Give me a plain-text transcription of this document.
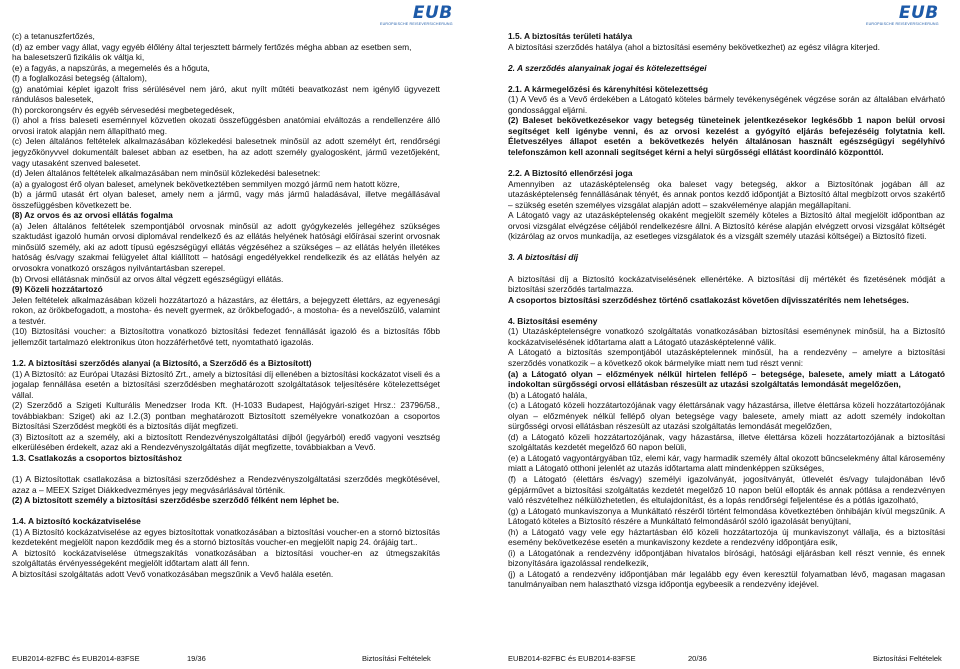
EUB
EUROPÄISCHE REISEVERSICHERUNG
EUB
EUROPÄISCHE REISEVERSICHERUNG

(c) a tetanuszfertőzés,

(d) az ember vagy állat, vagy egyéb élőlény által terjesztett bármely fertőzés mégha abban az esetben sem,

ha balesetszerű fizikális ok váltja ki,

(e) a fagyás, a napszúrás, a megemelés és a hőguta,

(f) a foglalkozási betegség (általom),

(g) anatómiai képlet igazolt friss sérülésével nem járó, akut nyílt műtéti beavatkozást nem igénylő ügyvezett rándulásos balesetek,

(h) porckorongsérv és egyéb sérvesedési megbetegedések,

(i) ahol a friss baleseti eseménnyel közvetlen okozati összefüggésben anatómiai elváltozás a rendellenzére álló orvosi iratok alapján nem állapítható meg.

(c) Jelen általános feltételek alkalmazásában közlekedési balesetnek minősül az adott személyt ért, rendőrségi jegyzőkönyvvel dokumentált baleset abban az esetben, ha az adott személy gyalogosként, jármű vezetőjeként, vagy utasaként szenved balesetet.

(d) Jelen általános feltételek alkalmazásában nem minősül közlekedési balesetnek:

(a) a gyalogost érő olyan baleset, amelynek bekövetkeztében semmilyen mozgó jármű nem hatott közre,

(b) a jármű utasát ért olyan baleset, amely nem a jármű, vagy más jármű haladásával, illetve megállásával összefüggésben következett be.

(8) Az orvos és az orvosi ellátás fogalma

(a) Jelen általános feltételek szempontjából orvosnak minősül az adott gyógykezelés jellegéhez szükséges szaktudást igazoló humán orvosi diplomával rendelkező és az ellátás helyének hatósági előírásai szerint orvosnak minősülő személy, aki az adott típusú egészségügyi ellátás végzéséhez a szükséges – az ellátás helyén illetékes hatóság és/vagy szakmai felügyelet által kiállított – hatósági engedélyekkel rendelkezik és az ellátás helyén az orvosokra vonatkozó országos nyilvántartásban szerepel.

(b) Orvosi ellátásnak minősül az orvos által végzett egészségügyi ellátás.

(9) Közeli hozzátartozó

Jelen feltételek alkalmazásában közeli hozzátartozó a házastárs, az élettárs, a bejegyzett élettárs, az egyenesági rokon, az örökbefogadott, a mostoha- és nevelt gyermek, az örökbefogadó-, a mostoha- és a nevelőszülő, valamint a testvér.

(10) Biztosítási voucher: a Biztosítottra vonatkozó biztosítási fedezet fennállását igazoló és a biztosítás főbb jellemzőit tartalmazó elektronikus úton hozzáférhetővé tett, nyomtatható igazolás.

1.2. A biztosítási szerződés alanyai (a Biztosító, a Szerződő és a Biztosított)

(1) A Biztosító: az Európai Utazási Biztosító Zrt., amely a biztosítási díj ellenében a biztosítási kockázatot viseli és a jogalap fennállása esetén a biztosítási szerződésben meghatározott szolgáltatások teljesítésére kötelezettséget vállal.

(2) Szerződő a Szigeti Kulturális Menedzser Iroda Kft. (H-1033 Budapest, Hajógyári-sziget Hrsz.: 23796/58., továbbiakban: Sziget) aki az I.2.(3) pontban meghatározott Biztosított személyekre vonatkozóan a csoportos Biztosítási Szerződést megköti és a biztosítás díját megfizeti.

(3) Biztosított az a személy, aki a biztosított Rendezvényszolgáltatási díjból (jegyárból) eredő vagyoni vesztség elkerülésében érdekelt, azaz aki a Rendezvényszolgáltatás díját megfizette, továbbiakban a Vevő.

1.3. Csatlakozás a csoportos biztosításhoz

(1) A Biztosítottak csatlakozása a biztosítási szerződéshez a Rendezvényszolgáltatási szerződés megkötésével, azaz a – MEEX Sziget Diákkedvezményes jegy megvásárlásával történik.

(2) A biztosított személy a biztosítási szerződésbe szerződő félként nem léphet be.

1.4. A biztosító kockázatviselése

(1) A Biztosító kockázatviselése az egyes biztosítottak vonatkozásában a biztosítási voucher-en a stornó biztosítás kezdeteként megjelölt napon kezdődik meg és a stornó biztosítás voucher-en megjelölt napig 24. órájáig tart..

A biztosító kockázatviselése útmegszakítás vonatkozásában a biztosítási voucher-en az útmegszakítás szolgáltatás érvényességeként megjelölt időtartam alatt áll fenn.

A biztosítási szolgáltatás adott Vevő vonatkozásában megszűnik a Vevő halála esetén.

1.5. A biztosítás területi hatálya

A biztosítási szerződés hatálya (ahol a biztosítási esemény bekövetkezhet) az egész világra kiterjed.

2. A szerződés alanyainak jogai és kötelezettségei

2.1. A kármegelőzési és kárenyhítési kötelezettség

(1) A Vevő és a Vevő érdekében a Látogató köteles bármely tevékenységének végzése során az általában elvárható gondossággal eljárni.

(2) Baleset bekövetkezésekor vagy betegség tüneteinek jelentkezésekor legkésőbb 1 napon belül orvosi segítséget kell igénybe venni, és az orvosi kezelést a gyógyító eljárás befejezéséig folytatnia kell. Életveszélyes állapot esetén a bekövetkezés helyén általánosan használt egészségügyi segélyhívó telefonszámon kell azonnali segítséget kérni a helyi sürgősségi ellátást koordináló központtól.

2.2. A Biztosító ellenőrzési joga

Amennyiben az utazásképtelenség oka baleset vagy betegség, akkor a Biztosítónak jogában áll az utazásképtelenség fennállásának tényét, és annak pontos kezdő időpontját a Biztosító által megbízott orvos szakértő – szükség esetén személyes vizsgálat alapján adott – szakvéleménye alapján megállapítani.

A Látogató vagy az utazásképtelenség okaként megjelölt személy köteles a Biztosító által megjelölt időpontban az orvosi vizsgálat elvégzése céljából rendelkezésre állni. A Biztosító kérése alapján elvégzett orvosi vizsgálat költségét (kizárólag az orvos munkadíja, az esetleges vizsgálatok és a vizsgált személy utazási költségei) a Biztosító fizeti.

3. A biztosítási díj

A biztosítási díj a Biztosító kockázatviselésének ellenértéke. A biztosítási díj mértékét és fizetésének módját a biztosítási szerződés tartalmazza.

A csoportos biztosítási szerződéshez történő csatlakozást követően díjvisszatérítés nem lehetséges.

4. Biztosítási esemény

(1) Utazásképtelenségre vonatkozó szolgáltatás vonatkozásában biztosítási eseménynek minősül, ha a Biztosító kockázatviselésének időtartama alatt a Látogató utazásképtelenné válik.

A Látogató a biztosítás szempontjából utazásképtelennek minősül, ha a rendezvény – amelyre a biztosítási szerződés vonatkozik – a következő okok bármelyike miatt nem tud részt venni:

(a) a Látogató olyan – előzmények nélkül hirtelen fellépő – betegsége, balesete, amely miatt a Látogató indokoltan sürgősségi orvosi ellátásban részesült az utazási szolgáltatás lemondását megelőzően,

(b) a Látogató halála,

(c) a Látogató közeli hozzátartozójának vagy élettársának vagy házastársa, illetve élettársa közeli hozzátartozójának olyan – előzmények nélkül fellépő olyan betegsége vagy balesete, amely miatt az adott személy indokoltan sürgősségi orvosi ellátásban részesült az utazási szolgáltatás lemondását megelőzően,

(d) a Látogató közeli hozzátartozójának, vagy házastársa, illetve élettársa közeli hozzátartozójának a biztosítási szolgáltatás kezdetét megelőző 60 napon belüli,

(e) a Látogató vagyontárgyában tűz, elemi kár, vagy harmadik személy által okozott bűncselekmény által károsemény miatt a Látogató otthoni jelenlét az utazás időtartama alatt mindenképpen szükséges,

(f) a Látogató (élettárs és/vagy) személyi igazolványát, jogosítványát, útlevelét és/vagy tulajdonában lévő gépjárművet a biztosítási szolgáltatás kezdetét megelőző 10 napon belül ellopták és annak pótlása a rendezvényen való részvételhez nélkülözhetetlen, és eltulajdonítást, és a lopás rendőrségi feljelentése és a pótlás igazolható,

(g) a Látogató munkaviszonya a Munkáltató részéről történt felmondása következtében önhibáján kívül megszűnik. A Látogató köteles a Biztosító részére a Munkáltató felmondásáról szóló igazolását benyújtani,

(h) a Látogató vagy vele egy háztartásban élő közeli hozzátartozója új munkaviszonyt vállalja, és a biztosítási esemény bekövetkezése esetén a munkaviszony kezdete a rendezvény időpontjára esik,

(i) a Látogatónak a rendezvény időpontjában hivatalos bírósági, hatósági eljárásban kell részt vennie, és ennek bizonyítására igazolással rendelkezik,

(j) a Látogató a rendezvény időpontjában már legalább egy éven keresztül folyamatban lévő, magasan magasan tanulmányaiban nem halasztható vizsga időpontja egybeesik a rendezvény idejével.

EUB2014-82FBC és EUB2014-83FSE	19/36	Biztosítási Feltételek	EUB2014-82FBC és EUB2014-83FSE	20/36	Biztosítási Feltételek
